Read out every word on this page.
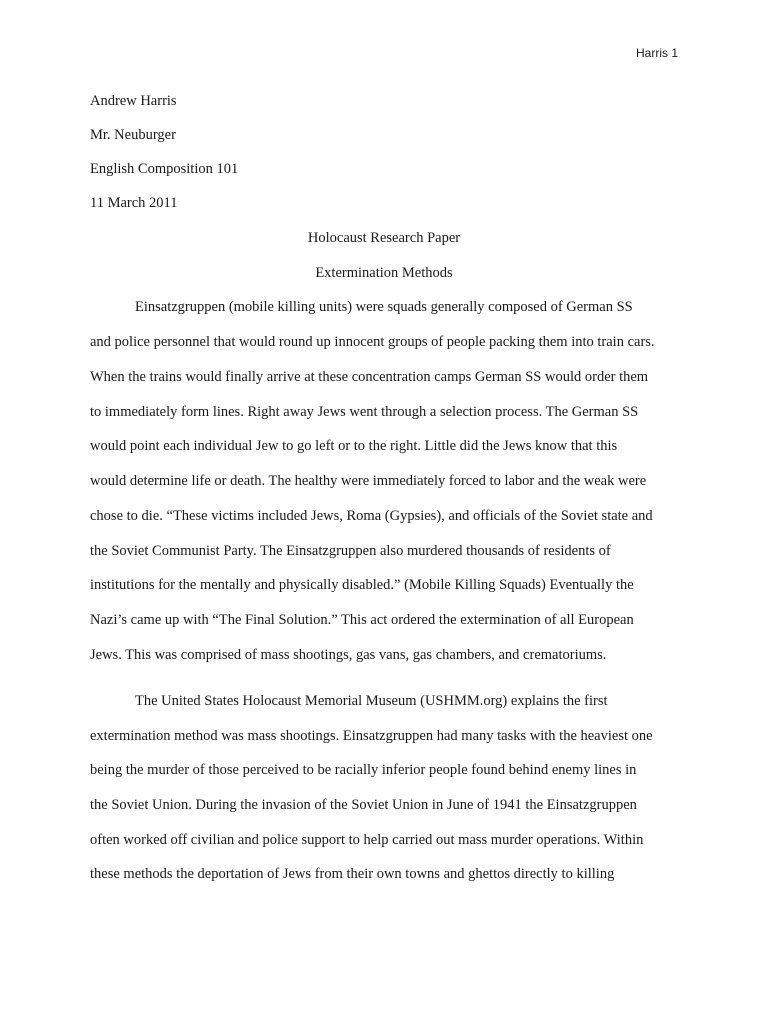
Harris 1
Andrew Harris
Mr. Neuburger
English Composition 101
11 March 2011
Holocaust Research Paper
Extermination Methods
Einsatzgruppen (mobile killing units) were squads generally composed of German SS
and police personnel that would round up innocent groups of people packing them into train cars.
When the trains would finally arrive at these concentration camps German SS would order them
to immediately form lines. Right away Jews went through a selection process. The German SS
would point each individual Jew to go left or to the right. Little did the Jews know that this
would determine life or death. The healthy were immediately forced to labor and the weak were
chose to die. “These victims included Jews, Roma (Gypsies), and officials of the Soviet state and
the Soviet Communist Party. The Einsatzgruppen also murdered thousands of residents of
institutions for the mentally and physically disabled.” (Mobile Killing Squads) Eventually the
Nazi’s came up with “The Final Solution.” This act ordered the extermination of all European
Jews. This was comprised of mass shootings, gas vans, gas chambers, and crematoriums.
The United States Holocaust Memorial Museum (USHMM.org) explains the first
extermination method was mass shootings. Einsatzgruppen had many tasks with the heaviest one
being the murder of those perceived to be racially inferior people found behind enemy lines in
the Soviet Union. During the invasion of the Soviet Union in June of 1941 the Einsatzgruppen
often worked off civilian and police support to help carried out mass murder operations. Within
these methods the deportation of Jews from their own towns and ghettos directly to killing
